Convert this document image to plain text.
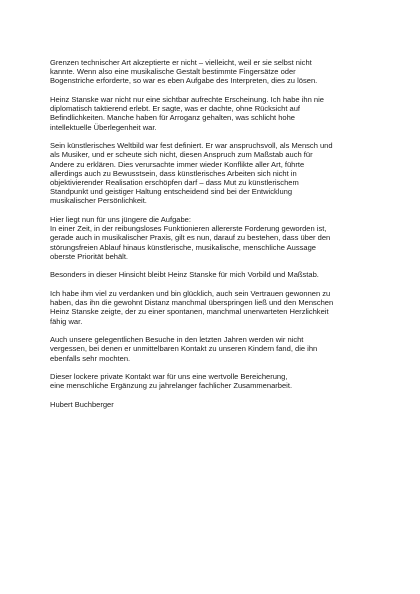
Grenzen technischer Art akzeptierte er nicht – vielleicht, weil er sie selbst nicht
kannte. Wenn also eine musikalische Gestalt bestimmte Fingersätze oder
Bogenstriche erforderte, so war es eben Aufgabe des Interpreten, dies zu lösen.

Heinz Stanske war nicht nur eine sichtbar aufrechte Erscheinung. Ich habe ihn nie
diplomatisch taktierend erlebt. Er sagte, was er dachte, ohne Rücksicht auf
Befindlichkeiten. Manche haben für Arroganz gehalten, was schlicht hohe
intellektuelle Überlegenheit war.

Sein künstlerisches Weltbild war fest definiert. Er war anspruchsvoll, als Mensch und
als Musiker, und er scheute sich nicht, diesen Anspruch zum Maßstab auch für
Andere zu erklären. Dies verursachte immer wieder Konflikte aller Art, führte
allerdings auch zu Bewusstsein, dass künstlerisches Arbeiten sich nicht in
objektivierender Realisation erschöpfen darf – dass Mut zu künstlerischem
Standpunkt und geistiger Haltung entscheidend sind bei der Entwicklung
musikalischer Persönlichkeit.

Hier liegt nun für uns jüngere die Aufgabe:
In einer Zeit, in der reibungsloses Funktionieren allererste Forderung geworden ist,
gerade auch in musikalischer Praxis, gilt es nun, darauf zu bestehen, dass über den
störungsfreien Ablauf hinaus künstlerische, musikalische, menschliche Aussage
oberste Priorität behält.

Besonders in dieser Hinsicht bleibt Heinz Stanske für mich Vorbild und Maßstab.

Ich habe ihm viel zu verdanken und bin glücklich, auch sein Vertrauen gewonnen zu
haben, das ihn die gewohnt Distanz manchmal überspringen ließ und den Menschen
Heinz Stanske zeigte, der zu einer spontanen, manchmal unerwarteten Herzlichkeit
fähig war.

Auch unsere gelegentlichen Besuche in den letzten Jahren werden wir nicht
vergessen, bei denen er unmittelbaren Kontakt zu unseren Kindern fand, die ihn
ebenfalls sehr mochten.

Dieser lockere private Kontakt war für uns eine wertvolle Bereicherung,
eine menschliche Ergänzung zu jahrelanger fachlicher Zusammenarbeit.

Hubert Buchberger
